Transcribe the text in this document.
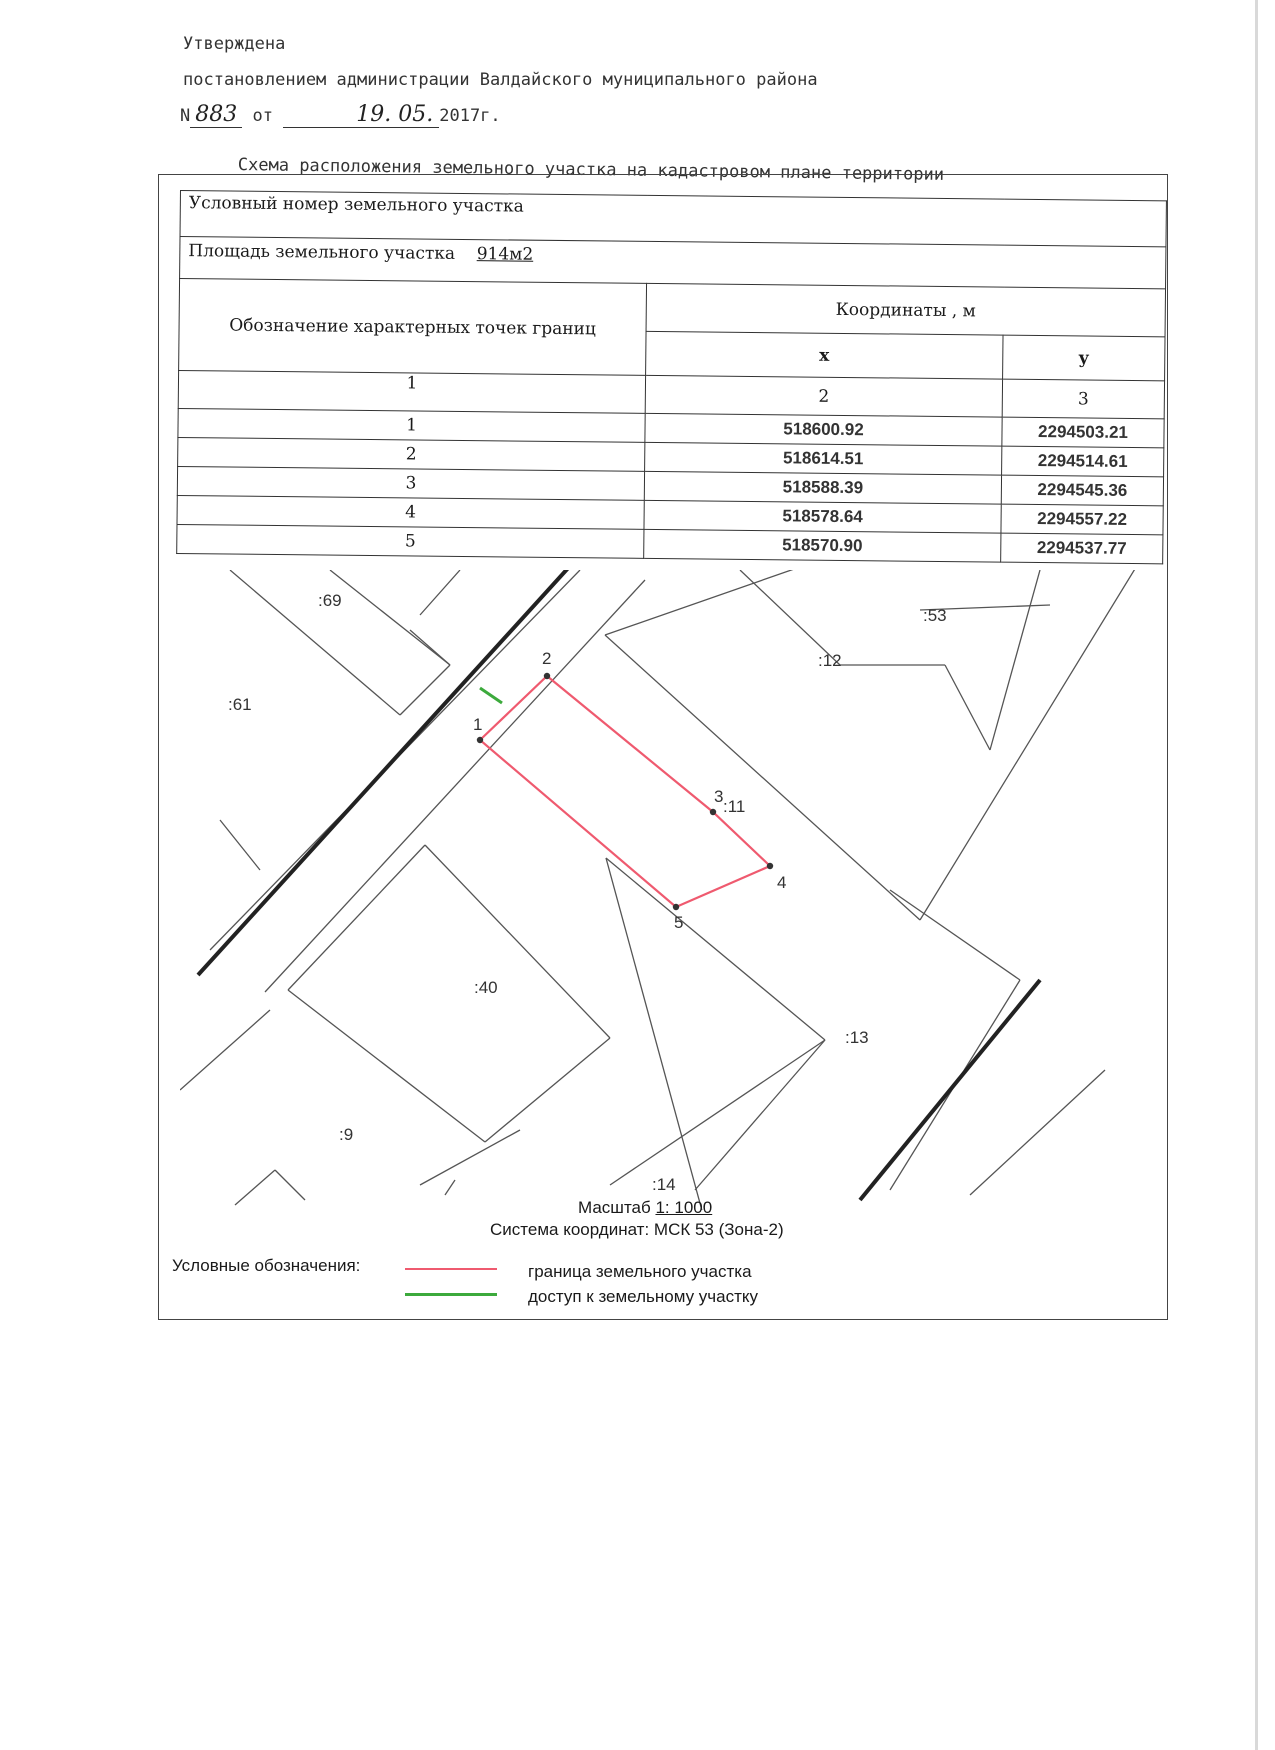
Утверждена
постановлением администрации Валдайского муниципального района
N 883 от	19. 05. 2017г.
Схема расположения земельного участка на кадастровом плане территории
Условный номер земельного участка		
Площадь земельного участка 914м2		
Обозначение характерных точек границ	Координаты , м	
	x	y
1	2	3
1	518600.92	2294503.21
2	518614.51	2294514.61
3	518588.39	2294545.36
4	518578.64	2294557.22
5	518570.90	2294537.77
1
2
3
4
5
:69
:53
:12
:61
:11
:40
:13
:9
:14
Масштаб 1: 1000
Система координат: МСК 53 (Зона-2)
Условные обозначения:	граница земельного участка
доступ к земельному участку
